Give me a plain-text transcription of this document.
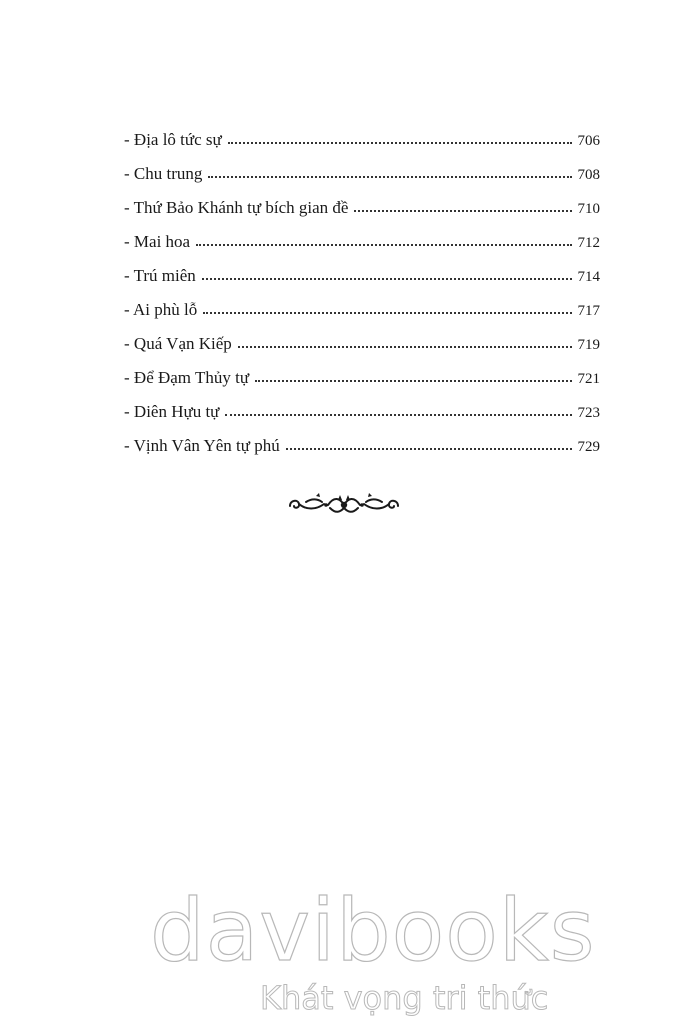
- Địa lô tức sự	706
- Chu trung	708
- Thứ Bảo Khánh tự bích gian đề	710
- Mai hoa	712
- Trú miên	714
- Ai phù lỗ	717
- Quá Vạn Kiếp	719
- Để Đạm Thủy tự	721
- Diên Hựu tự	723
- Vịnh Vân Yên tự phú	729
davibooks
Khát vọng tri thức
